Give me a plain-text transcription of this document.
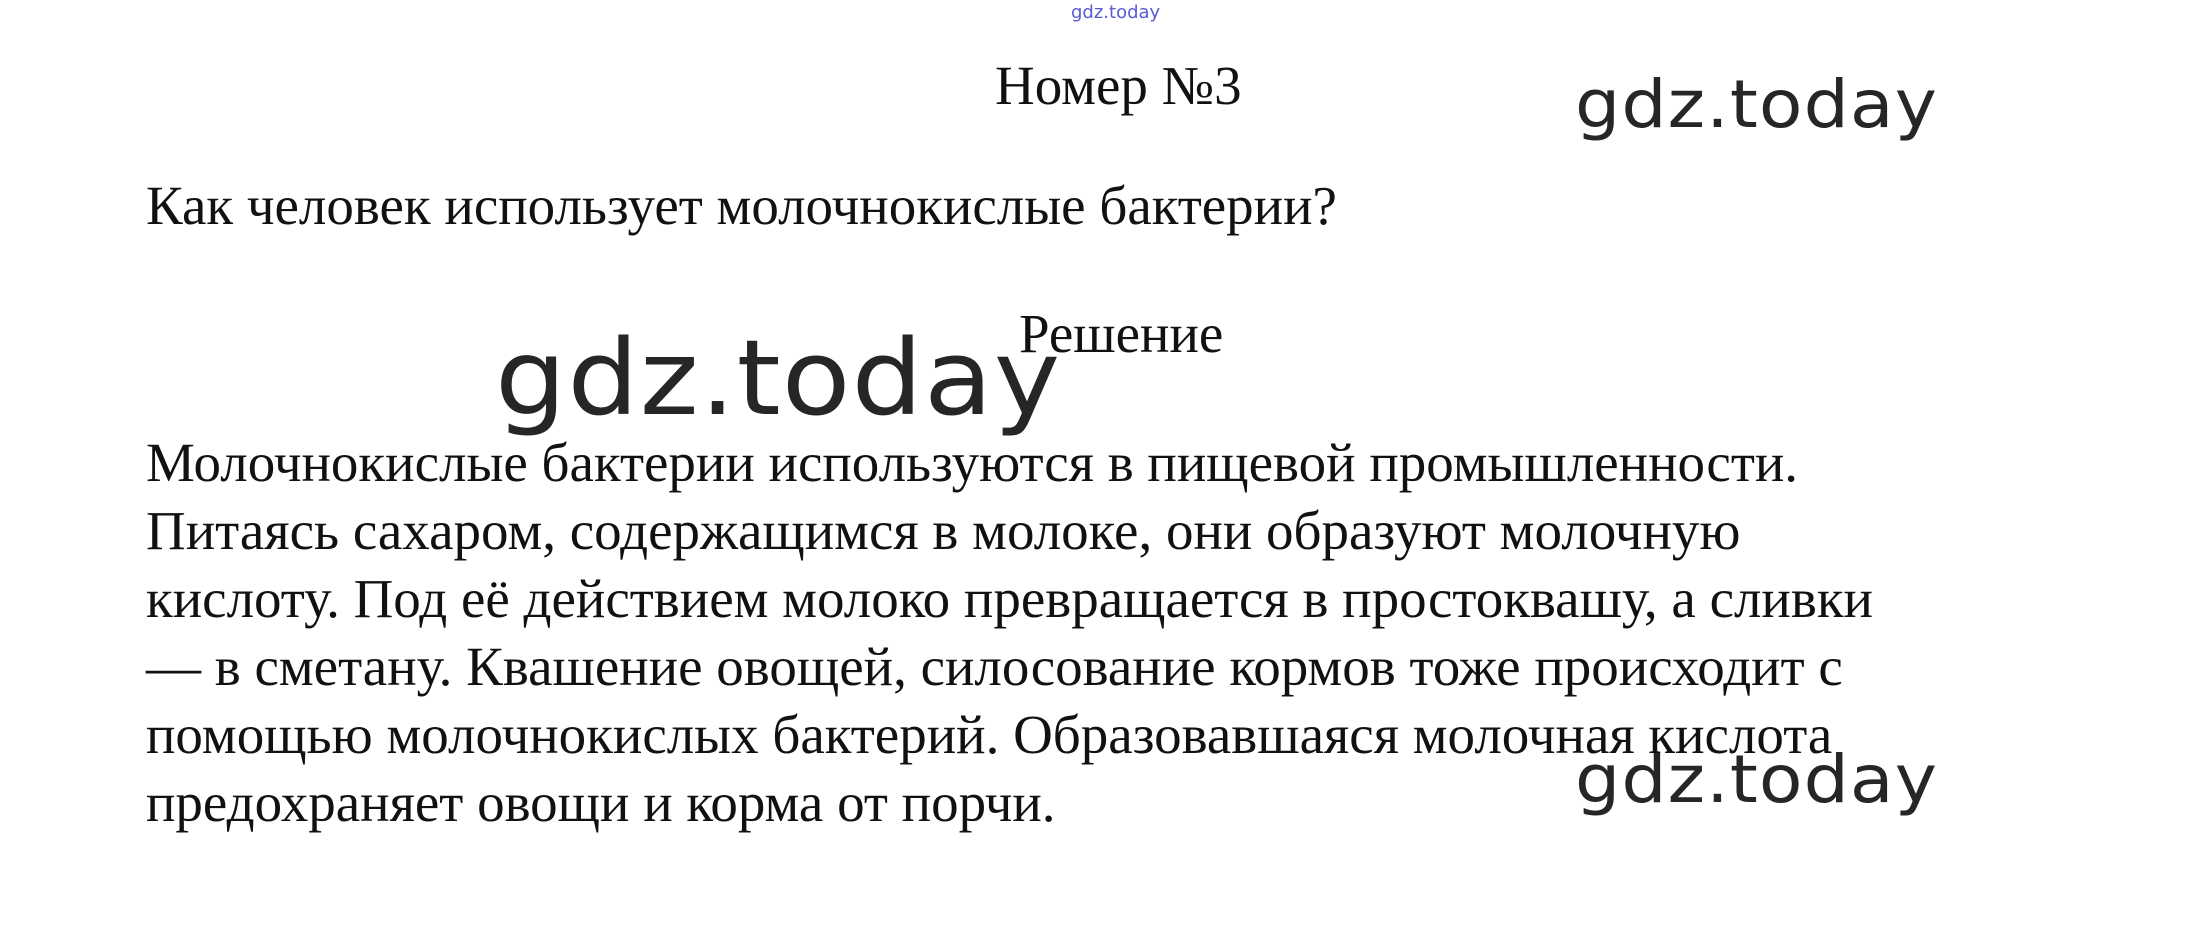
gdz.today
gdz.today
gdz.today
gdz.today
Номер №3
Как человек использует молочнокислые бактерии?
Решение
Молочнокислые бактерии используются в пищевой промышленности.
Питаясь сахаром, содержащимся в молоке, они образуют молочную
кислоту. Под её действием молоко превращается в простоквашу, а сливки
— в сметану. Квашение овощей, силосование кормов тоже происходит с
помощью молочнокислых бактерий. Образовавшаяся молочная кислота
предохраняет овощи и корма от порчи.
